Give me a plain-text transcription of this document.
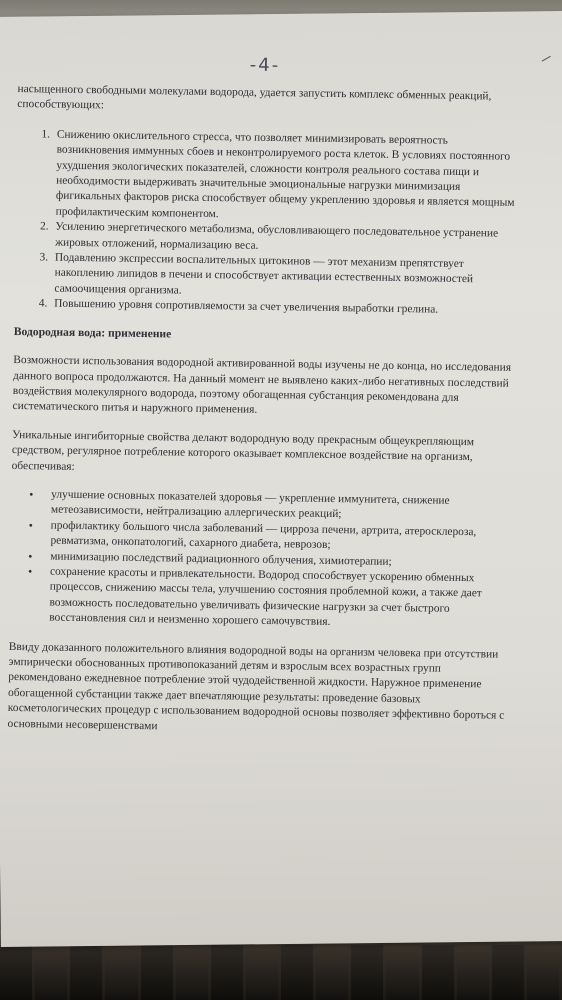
-4-
насыщенного свободными молекулами водорода, удается запустить комплекс обменных реакций, способствующих:
1. Снижению окислительного стресса, что позволяет минимизировать вероятность возникновения иммунных сбоев и неконтролируемого роста клеток. В условиях постоянного ухудшения экологических показателей, сложности контроля реального состава пищи и необходимости выдерживать значительные эмоциональные нагрузки минимизация фигикальных факторов риска способствует общему укреплению здоровья и является мощным профилактическим компонентом.
2. Усилению энергетического метаболизма, обусловливающего последовательное устранение жировых отложений, нормализацию веса.
3. Подавлению экспрессии воспалительных цитокинов — этот механизм препятствует накоплению липидов в печени и способствует активации естественных возможностей самоочищения организма.
4. Повышению уровня сопротивляемости за счет увеличения выработки грелина.
Водородная вода: применение

Возможности использования водородной активированной воды изучены не до конца, но исследования данного вопроса продолжаются. На данный момент не выявлено каких-либо негативных последствий воздействия молекулярного водорода, поэтому обогащенная субстанция рекомендована для систематического питья и наружного применения.

Уникальные ингибиторные свойства делают водородную воду прекрасным общеукрепляющим средством, регулярное потребление которого оказывает комплексное воздействие на организм, обеспечивая:

• улучшение основных показателей здоровья — укрепление иммунитета, снижение метеозависимости, нейтрализацию аллергических реакций;
• профилактику большого числа заболеваний — цирроза печени, артрита, атеросклероза, ревматизма, онкопатологий, сахарного диабета, неврозов;
• минимизацию последствий радиационного облучения, химиотерапии;
• сохранение красоты и привлекательности. Водород способствует ускорению обменных процессов, снижению массы тела, улучшению состояния проблемной кожи, а также дает возможность последовательно увеличивать физические нагрузки за счет быстрого восстановления сил и неизменно хорошего самочувствия.

Ввиду доказанного положительного влияния водородной воды на организм человека при отсутствии эмпирически обоснованных противопоказаний детям и взрослым всех возрастных групп рекомендовано ежедневное потребление этой чудодейственной жидкости. Наружное применение обогащенной субстанции также дает впечатляющие результаты: проведение базовых косметологических процедур с использованием водородной основы позволяет эффективно бороться с основными несовершенствами
